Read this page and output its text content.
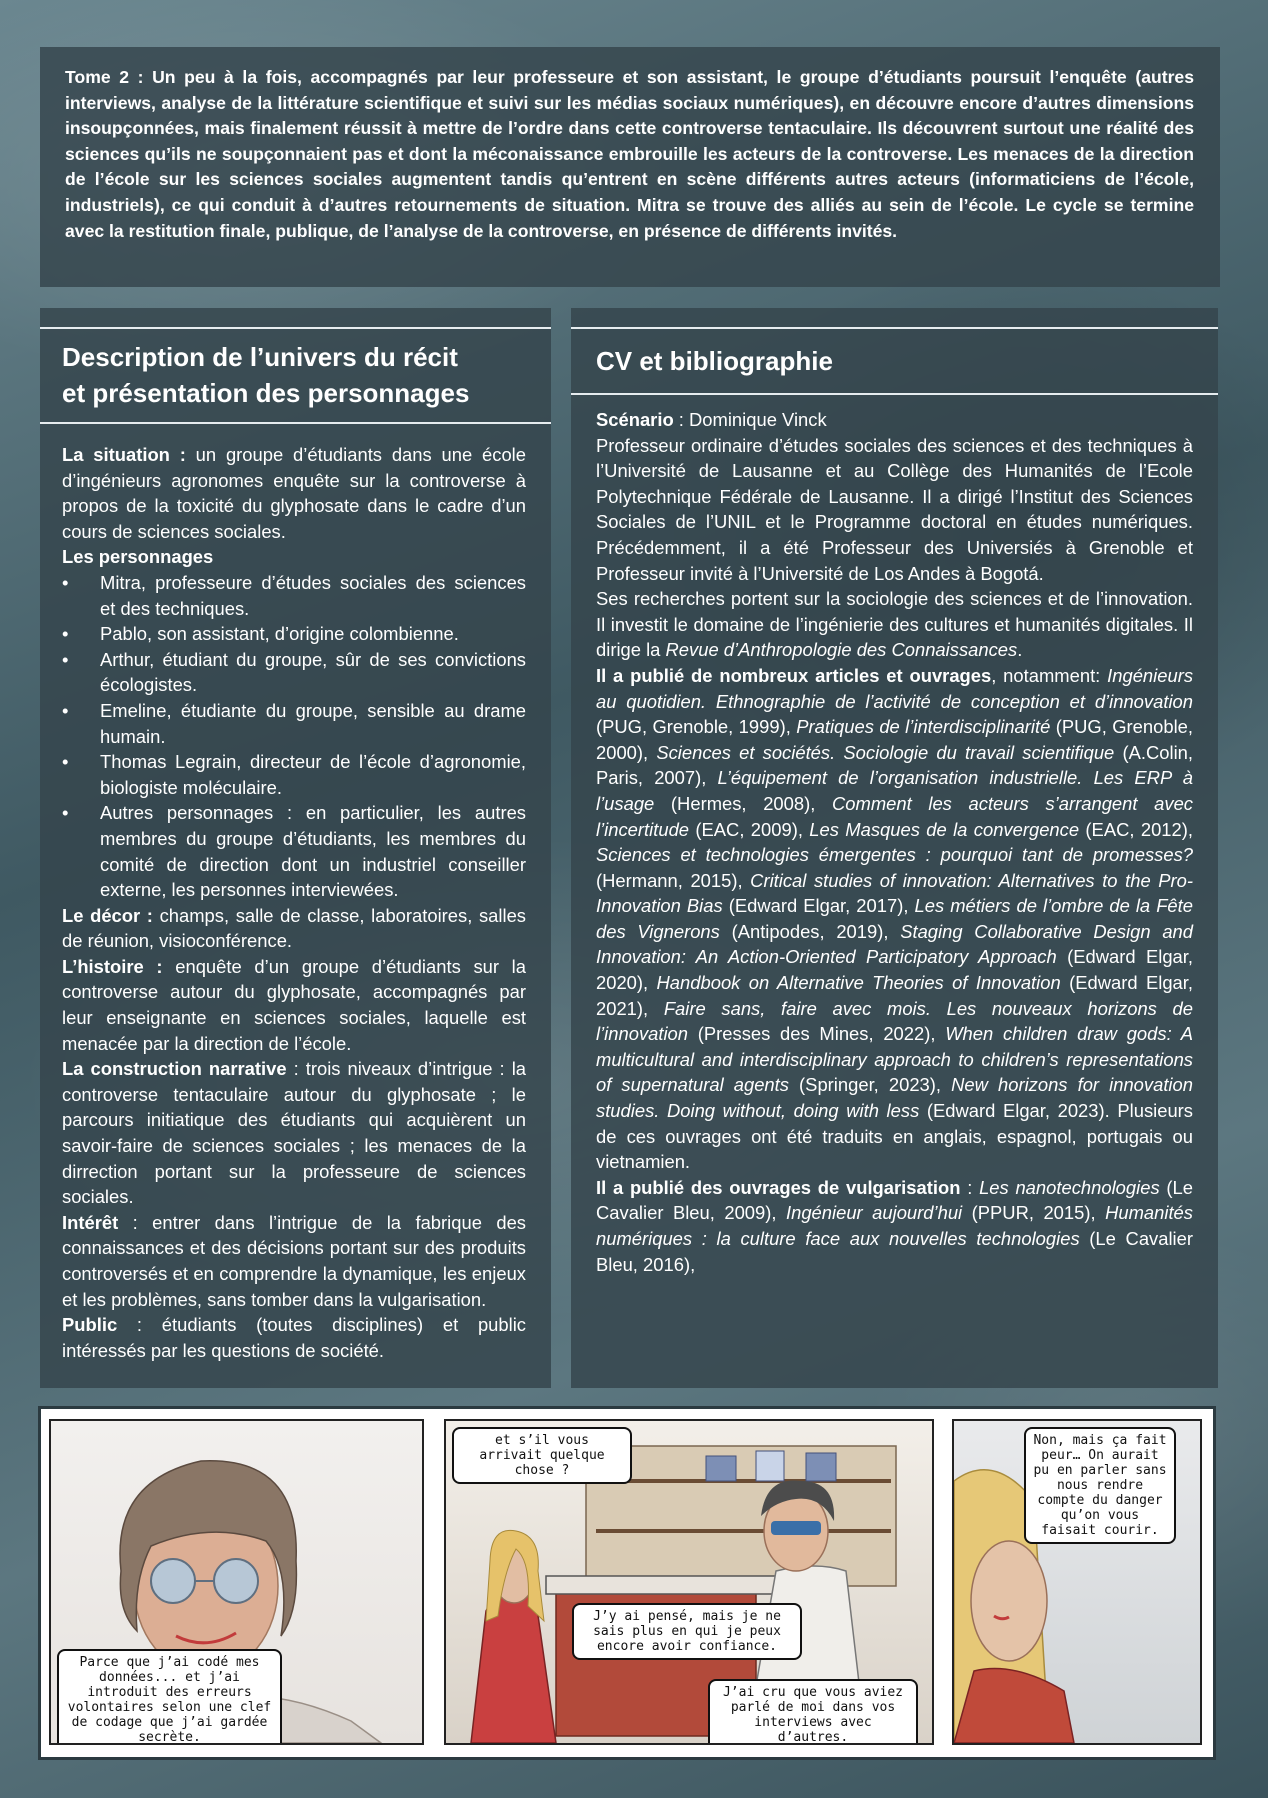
Tome 2 : Un peu à la fois, accompagnés par leur professeure et son assistant, le groupe d’étudiants poursuit l’enquête (autres interviews, analyse de la littérature scientifique et suivi sur les médias sociaux numériques), en découvre encore d’autres dimensions insoupçonnées, mais finalement réussit à mettre de l’ordre dans cette controverse tentaculaire. Ils découvrent surtout une réalité des sciences qu’ils ne soupçonnaient pas et dont la méconaissance embrouille les acteurs de la controverse. Les menaces de la direction de l’école sur les sciences sociales augmentent tandis qu’entrent en scène différents autres acteurs (informaticiens de l’école, industriels), ce qui conduit à d’autres retournements de situation. Mitra se trouve des alliés au sein de l’école. Le cycle se termine avec la restitution finale, publique, de l’analyse de la controverse, en présence de différents invités.

Description de l’univers du récit
et présentation des personnages

La situation : un groupe d’étudiants dans une école d’ingénieurs agronomes enquête sur la controverse à propos de la toxicité du glyphosate dans le cadre d’un cours de sciences sociales.

Les personnages

• Mitra, professeure d’études sociales des sciences et des techniques.
• Pablo, son assistant, d’origine colombienne.
• Arthur, étudiant du groupe, sûr de ses convictions écologistes.
• Emeline, étudiante du groupe, sensible au drame humain.
• Thomas Legrain, directeur de l’école d’agronomie, biologiste moléculaire.
• Autres personnages : en particulier, les autres membres du groupe d’étudiants, les membres du comité de direction dont un industriel conseiller externe, les personnes interviewées.

Le décor : champs, salle de classe, laboratoires, salles de réunion, visioconférence.

L’histoire : enquête d’un groupe d’étudiants sur la controverse autour du glyphosate, accompagnés par leur enseignante en sciences sociales, laquelle est menacée par la direction de l’école.

La construction narrative : trois niveaux d’intrigue : la controverse tentaculaire autour du glyphosate ; le parcours initiatique des étudiants qui acquièrent un savoir-faire de sciences sociales ; les menaces de la dirrection portant sur la professeure de sciences sociales.

Intérêt : entrer dans l’intrigue de la fabrique des connaissances et des décisions portant sur des produits controversés et en comprendre la dynamique, les enjeux et les problèmes, sans tomber dans la vulgarisation.

Public : étudiants (toutes disciplines) et public intéressés par les questions de société.

CV et bibliographie

Scénario : Dominique Vinck

Professeur ordinaire d’études sociales des sciences et des techniques à l’Université de Lausanne et au Collège des Humanités de l’Ecole Polytechnique Fédérale de Lausanne. Il a dirigé l’Institut des Sciences Sociales de l’UNIL et le Programme doctoral en études numériques. Précédemment, il a été Professeur des Universiés à Grenoble et Professeur invité à l’Université de Los Andes à Bogotá.

Ses recherches portent sur la sociologie des sciences et de l’innovation. Il investit le domaine de l’ingénierie des cultures et humanités digitales. Il dirige la Revue d’Anthropologie des Connaissances.

Il a publié de nombreux articles et ouvrages, notamment: Ingénieurs au quotidien. Ethnographie de l’activité de conception et d’innovation (PUG, Grenoble, 1999), Pratiques de l’interdisciplinarité (PUG, Grenoble, 2000), Sciences et sociétés. Sociologie du travail scientifique (A.Colin, Paris, 2007), L’équipement de l’organisation industrielle. Les ERP à l’usage (Hermes, 2008), Comment les acteurs s’arrangent avec l’incertitude (EAC, 2009), Les Masques de la convergence (EAC, 2012), Sciences et technologies émergentes : pourquoi tant de promesses? (Hermann, 2015), Critical studies of innovation: Alternatives to the Pro-Innovation Bias (Edward Elgar, 2017), Les métiers de l’ombre de la Fête des Vignerons (Antipodes, 2019), Staging Collaborative Design and Innovation: An Action-Oriented Participatory Approach (Edward Elgar, 2020), Handbook on Alternative Theories of Innovation (Edward Elgar, 2021), Faire sans, faire avec mois. Les nouveaux horizons de l’innovation (Presses des Mines, 2022), When children draw gods: A multicultural and interdisciplinary approach to children’s representations of supernatural agents (Springer, 2023), New horizons for innovation studies. Doing without, doing with less (Edward Elgar, 2023). Plusieurs de ces ouvrages ont été traduits en anglais, espagnol, portugais ou vietnamien.

Il a publié des ouvrages de vulgarisation : Les nanotechnologies (Le Cavalier Bleu, 2009), Ingénieur aujourd’hui (PPUR, 2015), Humanités numériques : la culture face aux nouvelles technologies (Le Cavalier Bleu, 2016),

Parce que j’ai codé mes données... et j’ai introduit des erreurs volontaires selon une clef de codage que j’ai gardée secrète.
et s’il vous arrivait quelque chose ?
J’y ai pensé, mais je ne sais plus en qui je peux encore avoir confiance.
J’ai cru que vous aviez parlé de moi dans vos interviews avec d’autres.
Non, mais ça fait peur… On aurait pu en parler sans nous rendre compte du danger qu’on vous faisait courir.
